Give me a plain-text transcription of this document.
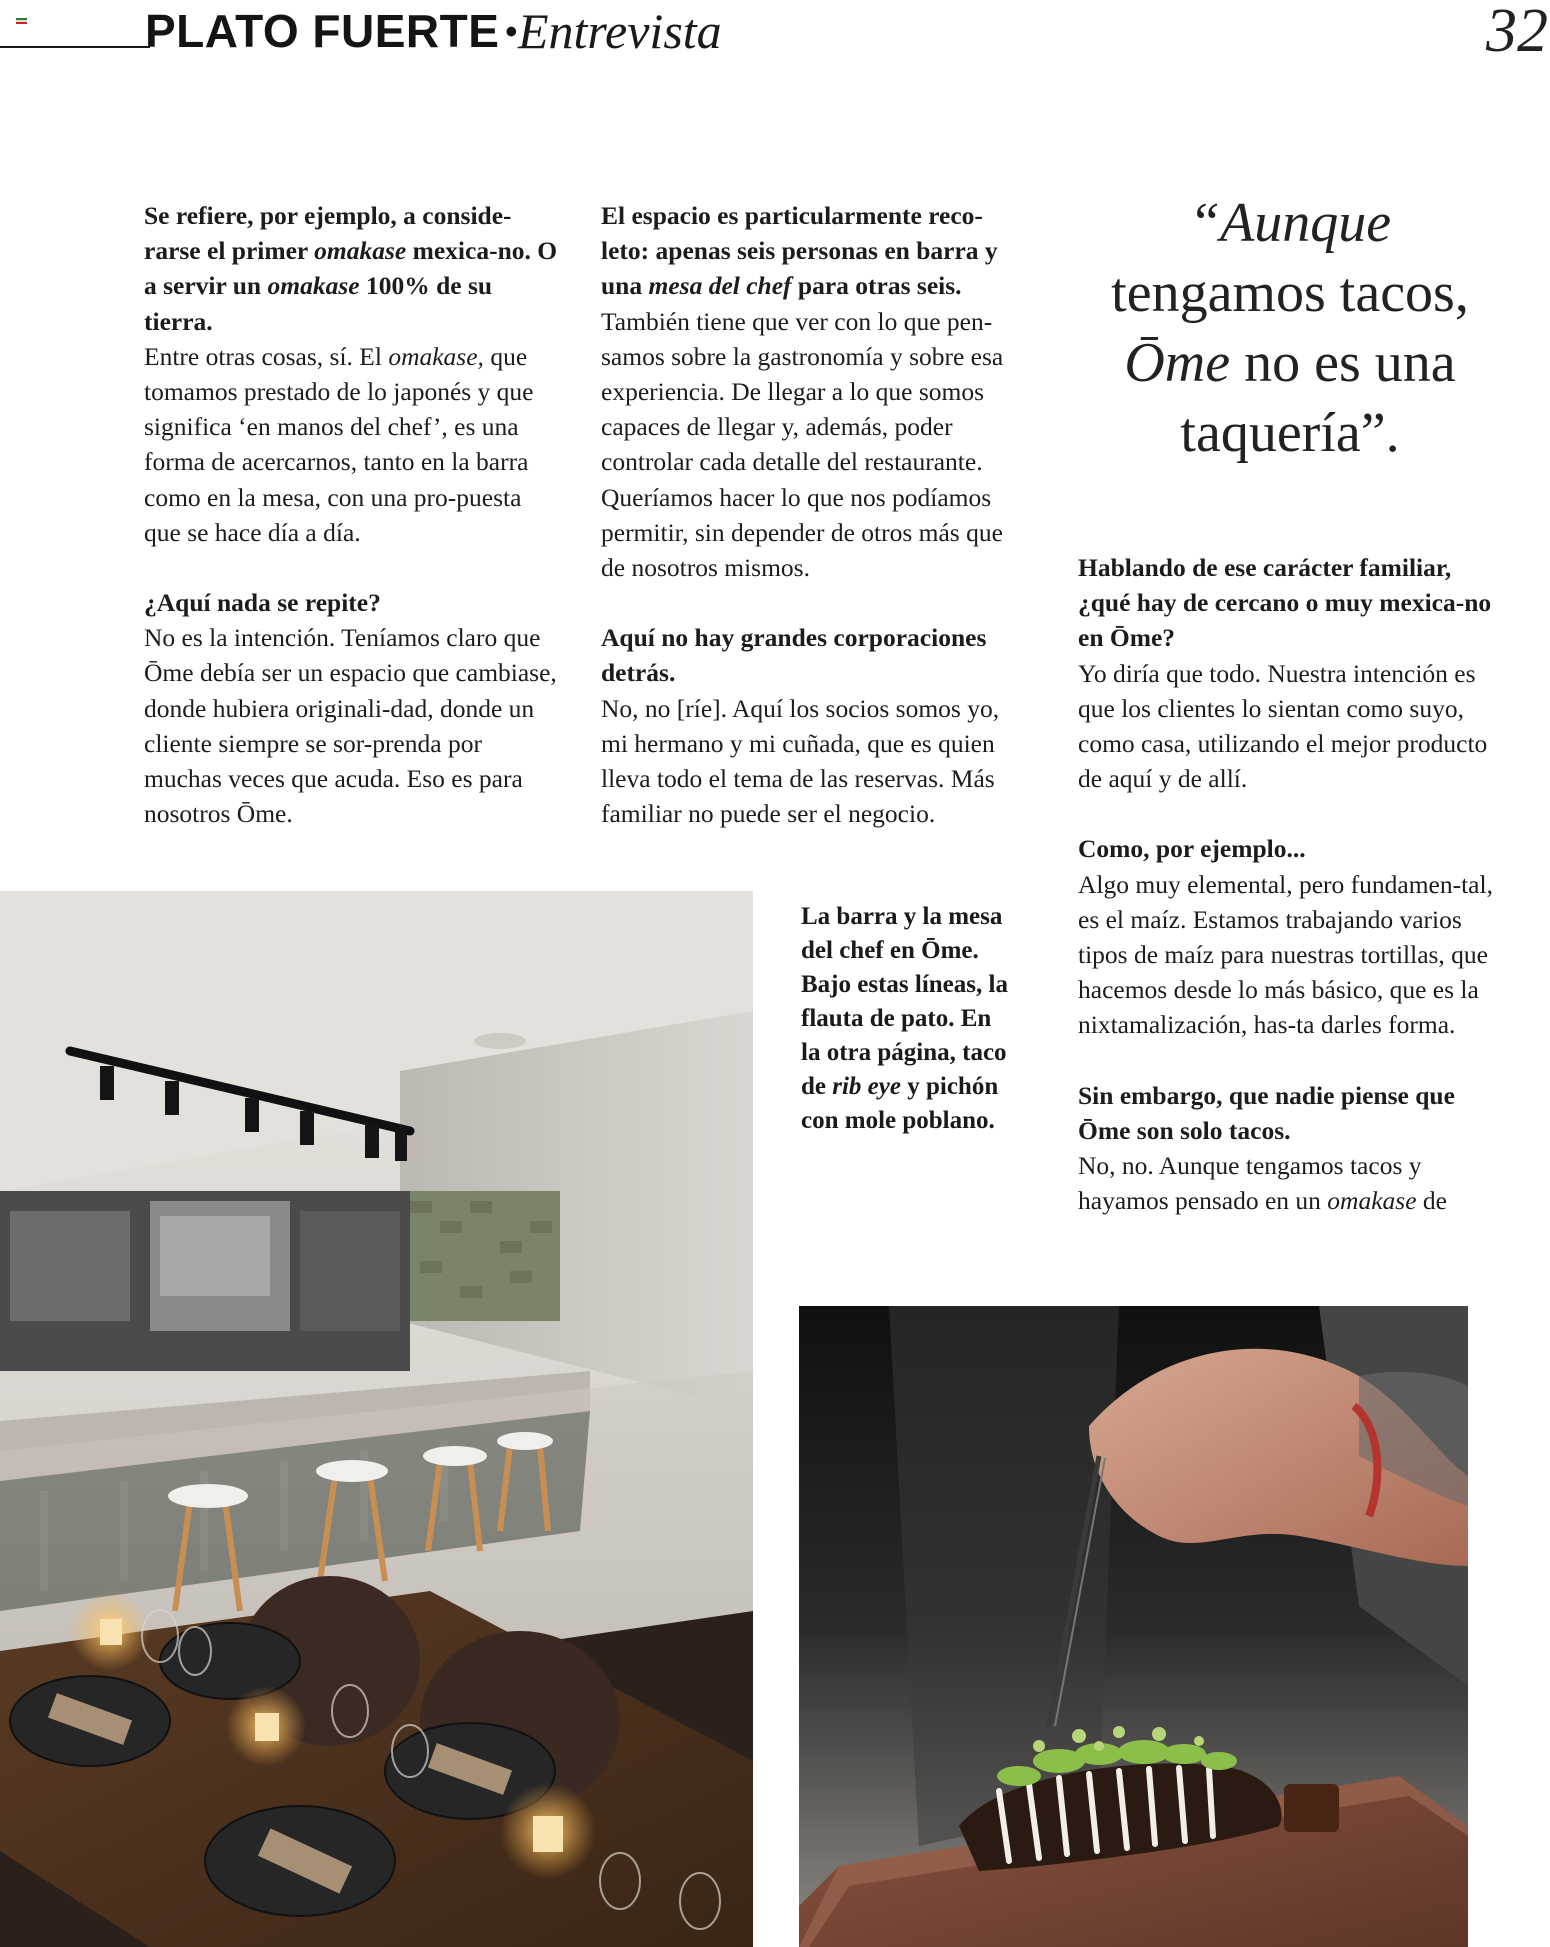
PLATO FUERTE • Entrevista	32

Se refiere, por ejemplo, a conside-rarse el primer omakase mexica-no. O a servir un omakase 100% de su tierra.
Entre otras cosas, sí. El omakase, que tomamos prestado de lo japonés y que significa ‘en manos del chef’, es una forma de acercarnos, tanto en la barra como en la mesa, con una pro-puesta que se hace día a día.

¿Aquí nada se repite?
No es la intención. Teníamos claro que Ōme debía ser un espacio que cambiase, donde hubiera originali-dad, donde un cliente siempre se sor-prenda por muchas veces que acuda. Eso es para nosotros Ōme.

El espacio es particularmente reco-leto: apenas seis personas en barra y una mesa del chef para otras seis.
También tiene que ver con lo que pen-samos sobre la gastronomía y sobre esa experiencia. De llegar a lo que somos capaces de llegar y, además, poder controlar cada detalle del restaurante. Queríamos hacer lo que nos podíamos permitir, sin depender de otros más que de nosotros mismos.

Aquí no hay grandes corporaciones detrás.
No, no [ríe]. Aquí los socios somos yo, mi hermano y mi cuñada, que es quien lleva todo el tema de las reservas. Más familiar no puede ser el negocio.

“Aunque
tengamos tacos,
Ōme no es una
taquería”.

Hablando de ese carácter familiar, ¿qué hay de cercano o muy mexica-no en Ōme?
Yo diría que todo. Nuestra intención es que los clientes lo sientan como suyo, como casa, utilizando el mejor producto de aquí y de allí.

Como, por ejemplo...
Algo muy elemental, pero fundamen-tal, es el maíz. Estamos trabajando varios tipos de maíz para nuestras tortillas, que hacemos desde lo más básico, que es la nixtamalización, has-ta darles forma.

Sin embargo, que nadie piense que Ōme son solo tacos.
No, no. Aunque tengamos tacos y hayamos pensado en un omakase de

La barra y la mesa del chef en Ōme. Bajo estas líneas, la flauta de pato. En la otra página, taco de rib eye y pichón con mole poblano.
